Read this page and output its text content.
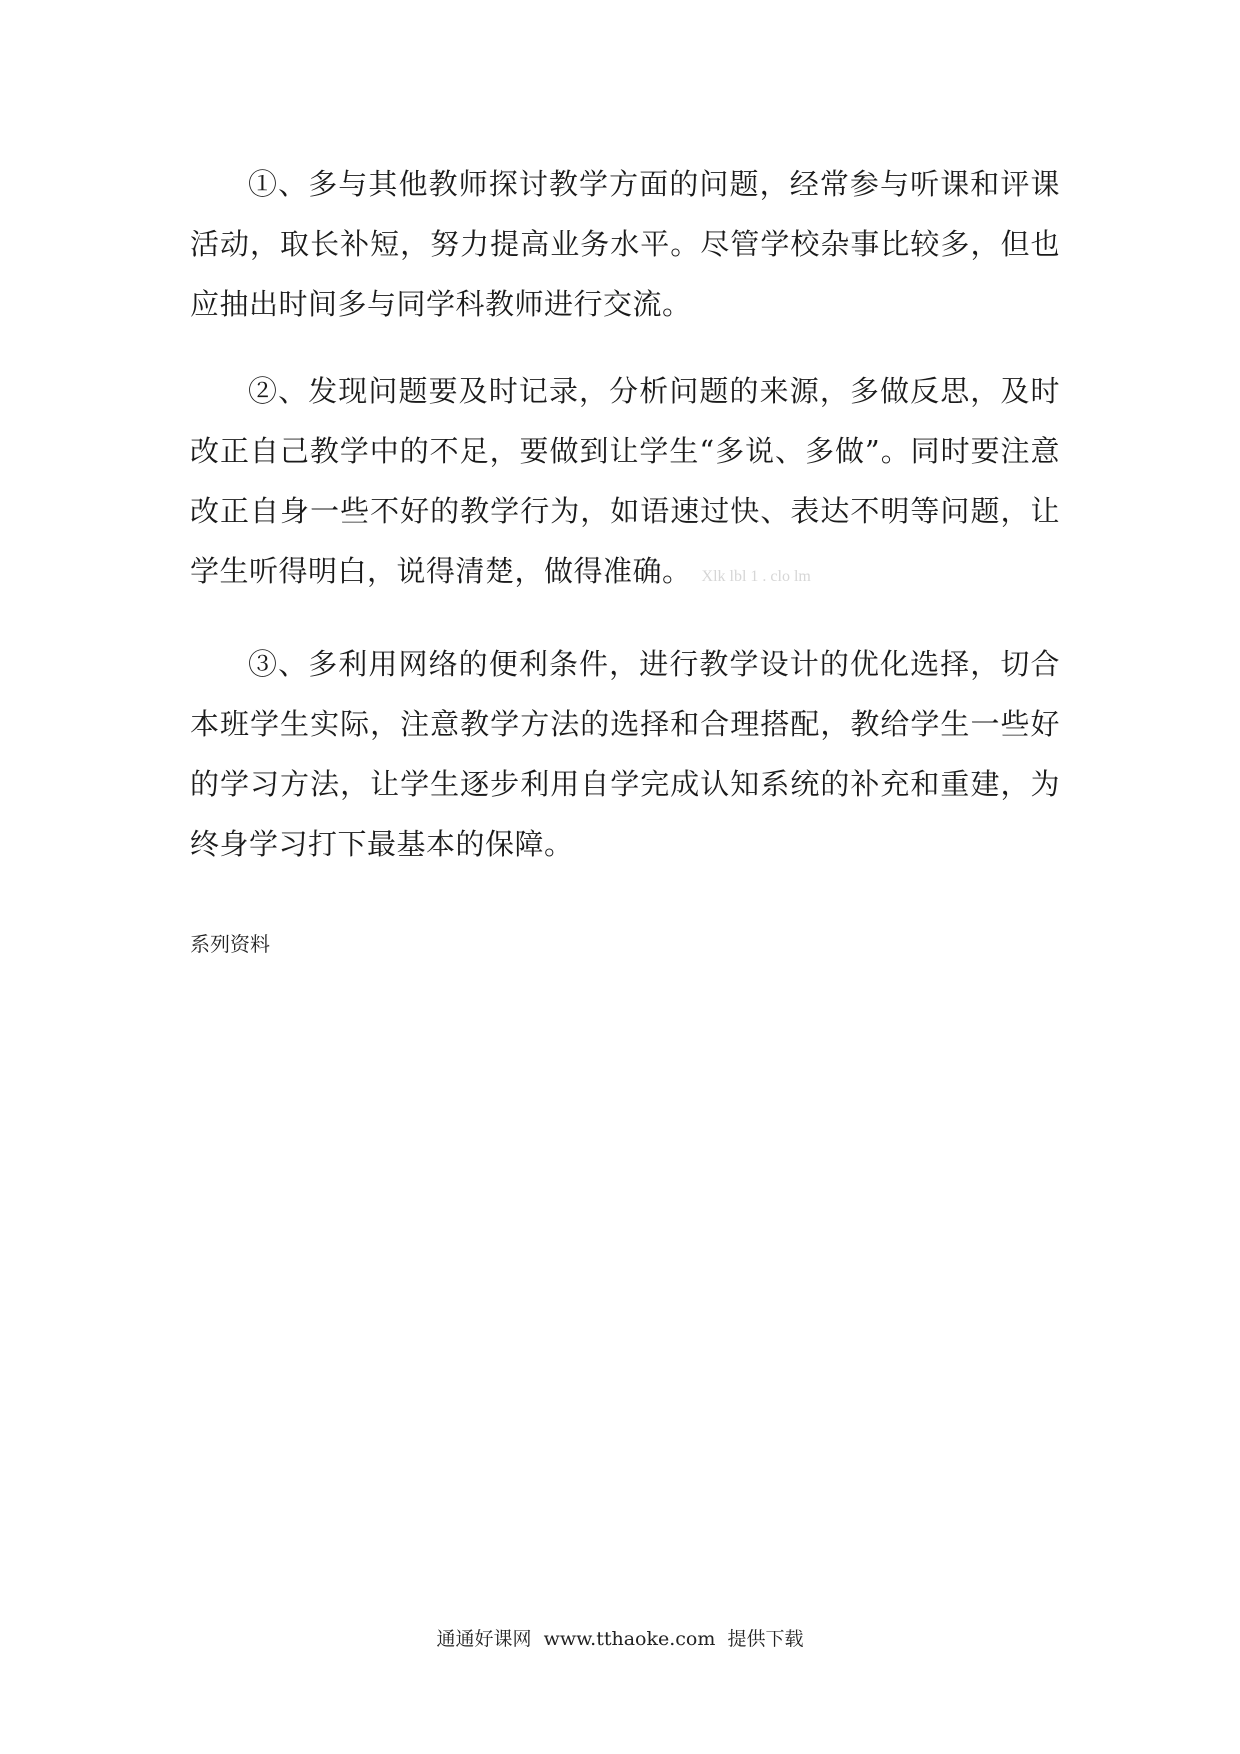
①、多与其他教师探讨教学方面的问题，经常参与听课和评课活动，取长补短，努力提高业务水平。尽管学校杂事比较多，但也应抽出时间多与同学科教师进行交流。

②、发现问题要及时记录，分析问题的来源，多做反思，及时改正自己教学中的不足，要做到让学生“多说、多做”。同时要注意改正自身一些不好的教学行为，如语速过快、表达不明等问题，让学生听得明白，说得清楚，做得准确。 Xlk lbl 1 . clo lm

③、多利用网络的便利条件，进行教学设计的优化选择，切合本班学生实际，注意教学方法的选择和合理搭配，教给学生一些好的学习方法，让学生逐步利用自学完成认知系统的补充和重建，为终身学习打下最基本的保障。

系列资料
通通好课网 www.tthaoke.com 提供下载
